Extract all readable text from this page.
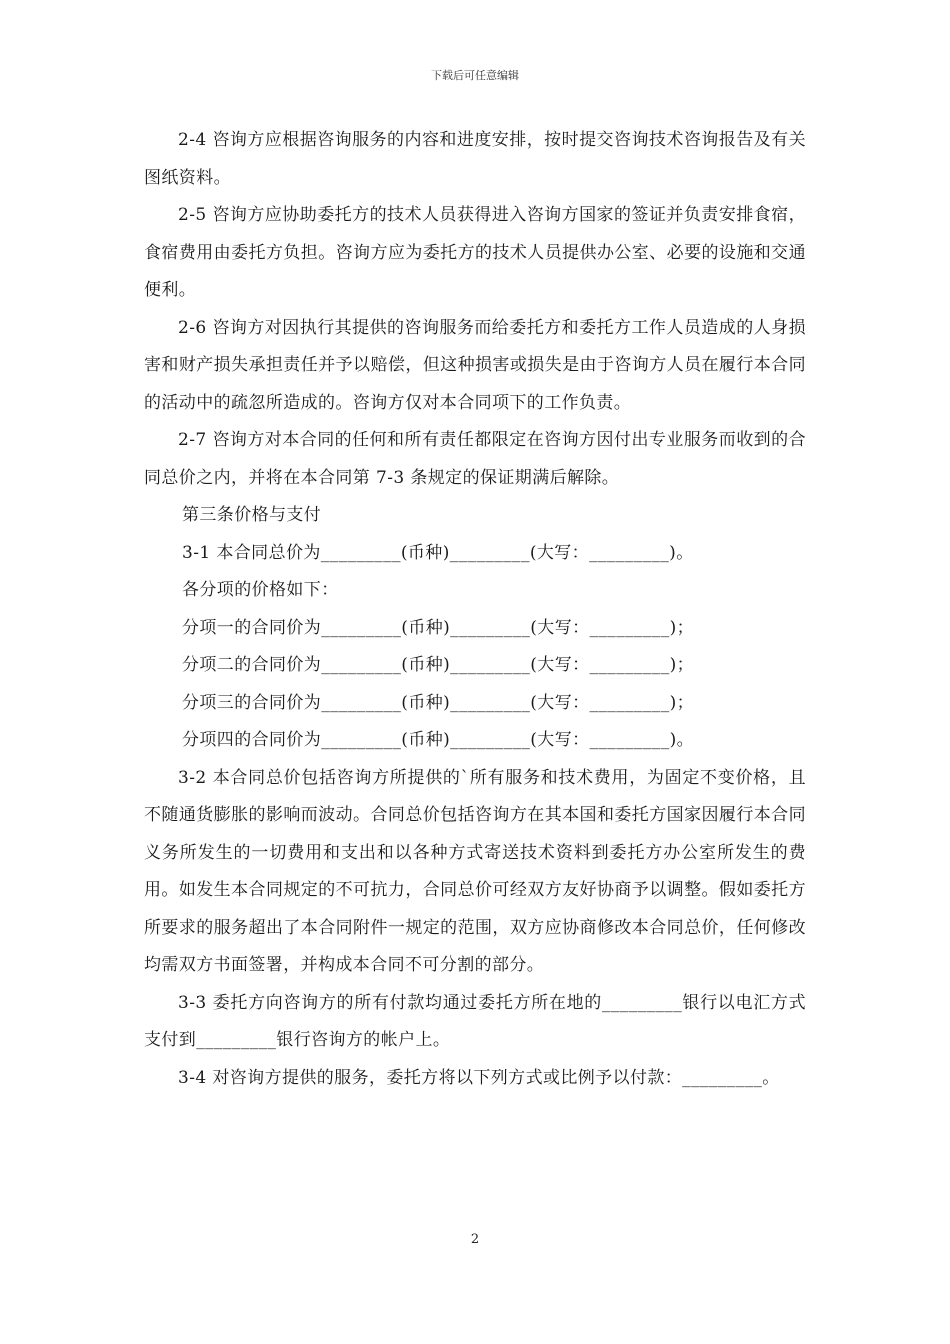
下载后可任意编辑

2-4 咨询方应根据咨询服务的内容和进度安排，按时提交咨询技术咨询报告及有关图纸资料。

2-5 咨询方应协助委托方的技术人员获得进入咨询方国家的签证并负责安排食宿，食宿费用由委托方负担。咨询方应为委托方的技术人员提供办公室、必要的设施和交通便利。

2-6 咨询方对因执行其提供的咨询服务而给委托方和委托方工作人员造成的人身损害和财产损失承担责任并予以赔偿，但这种损害或损失是由于咨询方人员在履行本合同的活动中的疏忽所造成的。咨询方仅对本合同项下的工作负责。

2-7 咨询方对本合同的任何和所有责任都限定在咨询方因付出专业服务而收到的合同总价之内，并将在本合同第 7-3 条规定的保证期满后解除。

第三条价格与支付
3-1 本合同总价为_________(币种)_________(大写：_________)。
各分项的价格如下：
分项一的合同价为_________(币种)_________(大写：_________)；
分项二的合同价为_________(币种)_________(大写：_________)；
分项三的合同价为_________(币种)_________(大写：_________)；
分项四的合同价为_________(币种)_________(大写：_________)。

3-2 本合同总价包括咨询方所提供的`所有服务和技术费用，为固定不变价格，且不随通货膨胀的影响而波动。合同总价包括咨询方在其本国和委托方国家因履行本合同义务所发生的一切费用和支出和以各种方式寄送技术资料到委托方办公室所发生的费用。如发生本合同规定的不可抗力，合同总价可经双方友好协商予以调整。假如委托方所要求的服务超出了本合同附件一规定的范围，双方应协商修改本合同总价，任何修改均需双方书面签署，并构成本合同不可分割的部分。

3-3 委托方向咨询方的所有付款均通过委托方所在地的_________银行以电汇方式支付到_________银行咨询方的帐户上。

3-4 对咨询方提供的服务，委托方将以下列方式或比例予以付款：_________。

2
